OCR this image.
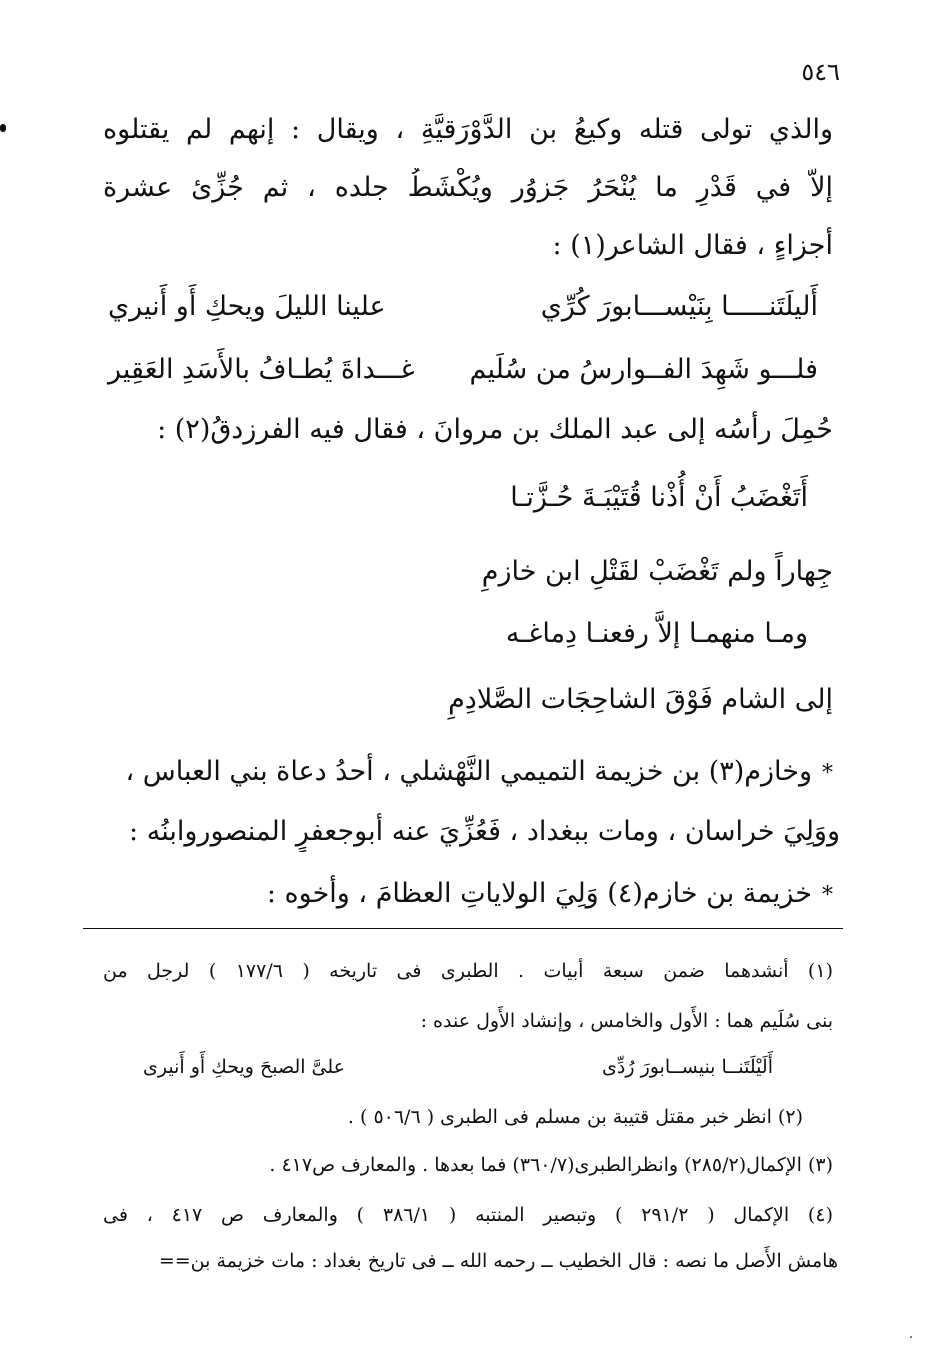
٥٤٦
والذي تولى قتله وكيعُ بن الدَّوْرَقيَّةِ ، ويقال : إنهم لم يقتلوه
إلاَّ في قَدْرِ ما يُنْحَرُ جَزوُر ويُكْشَطُ جلده ، ثم جُزِّئ عشرة
أَجزاءٍ ، فقال الشاعر(١) :
أَليلَتَنـــــا بِنَيْســـابورَ كُرِّي
علينا الليلَ ويحكِ أَو أَنيري
فلـــو شَهِدَ الفــوارسُ من سُلَيم
غـــداةَ يُطـافُ بالأَسَدِ العَقِير
حُمِلَ رأسُه إلى عبد الملك بن مروانَ ، فقال فيه الفرزدقُ(٢) :
أَتَغْضَبُ أَنْ أُذْنا قُتَيْبَـةَ حُـزَّتـا
جِهاراً ولم تَغْضَبْ لقَتْلِ ابن خازمِ
ومـا منهمـا إلاَّ رفعنـا دِماغـه
إلى الشام فَوْقَ الشاحِجَات الصَّلادِمِ
*وخازم(٣) بن خزيمة التميمي النَّهْشلي ، أَحدُ دعاة بني العباس ،
ووَلِيَ خراسان ، ومات ببغداد ، فَعُزِّيَ عنه أَبوجعفرٍ المنصوروابنُه :
*خزيمة بن خازم(٤) وَلِيَ الولاياتِ العظامَ ، وأَخوه :
(١) أنشدهما ضمن سبعة أبيات . الطبرى فى تاريخه ( ١٧٧/٦ ) لرجل من
بنى سُلَيم هما : الأَول والخامس ، وإنشاد الأَول عنده :
أَلَيْلَتَنــا بنيســابورَ رُدِّى
علىَّ الصبحَ ويحكِ أَو أَنيرى
(٢) انظر خبر مقتل قتيبة بن مسلم فى الطبرى ( ٥٠٦/٦ ) .
(٣) الإكمال(٢٨٥/٢) وانظرالطبرى(٣٦٠/٧) فما بعدها . والمعارف ص٤١٧ .
(٤) الإكمال ( ٢٩١/٢ ) وتبصير المنتبه ( ٣٨٦/١ ) والمعارف ص ٤١٧ ، فى
هامش الأَصل ما نصه : قال الخطيب ــ رحمه الله ــ فى تاريخ بغداد : مات خزيمة بن==
